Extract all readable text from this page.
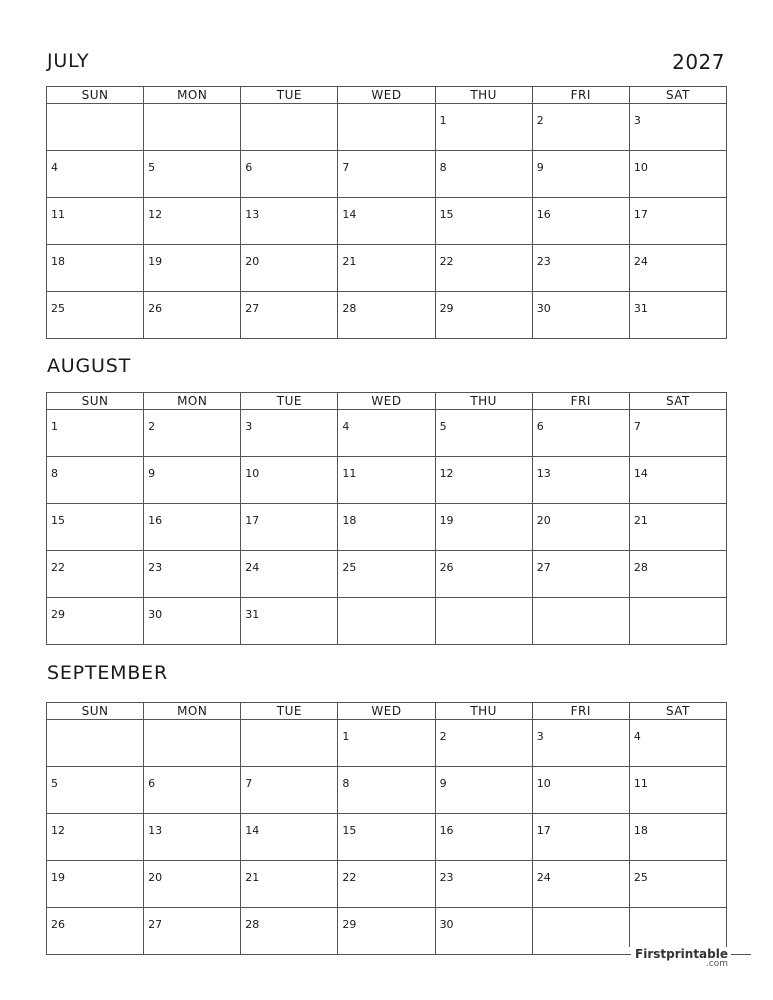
2027
JULY
SUN	MON	TUE	WED	THU	FRI	SAT

				1	2	3

4	5	6	7	8	9	10

11	12	13	14	15	16	17

18	19	20	21	22	23	24

25	26	27	28	29	30	31
AUGUST
SUN	MON	TUE	WED	THU	FRI	SAT

1	2	3	4	5	6	7

8	9	10	11	12	13	14

15	16	17	18	19	20	21

22	23	24	25	26	27	28

29	30	31				

SEPTEMBER
SUN	MON	TUE	WED	THU	FRI	SAT

			1	2	3	4

5	6	7	8	9	10	11

12	13	14	15	16	17	18

19	20	21	22	23	24	25

26	27	28	29	30		

Firstprintable
.com
